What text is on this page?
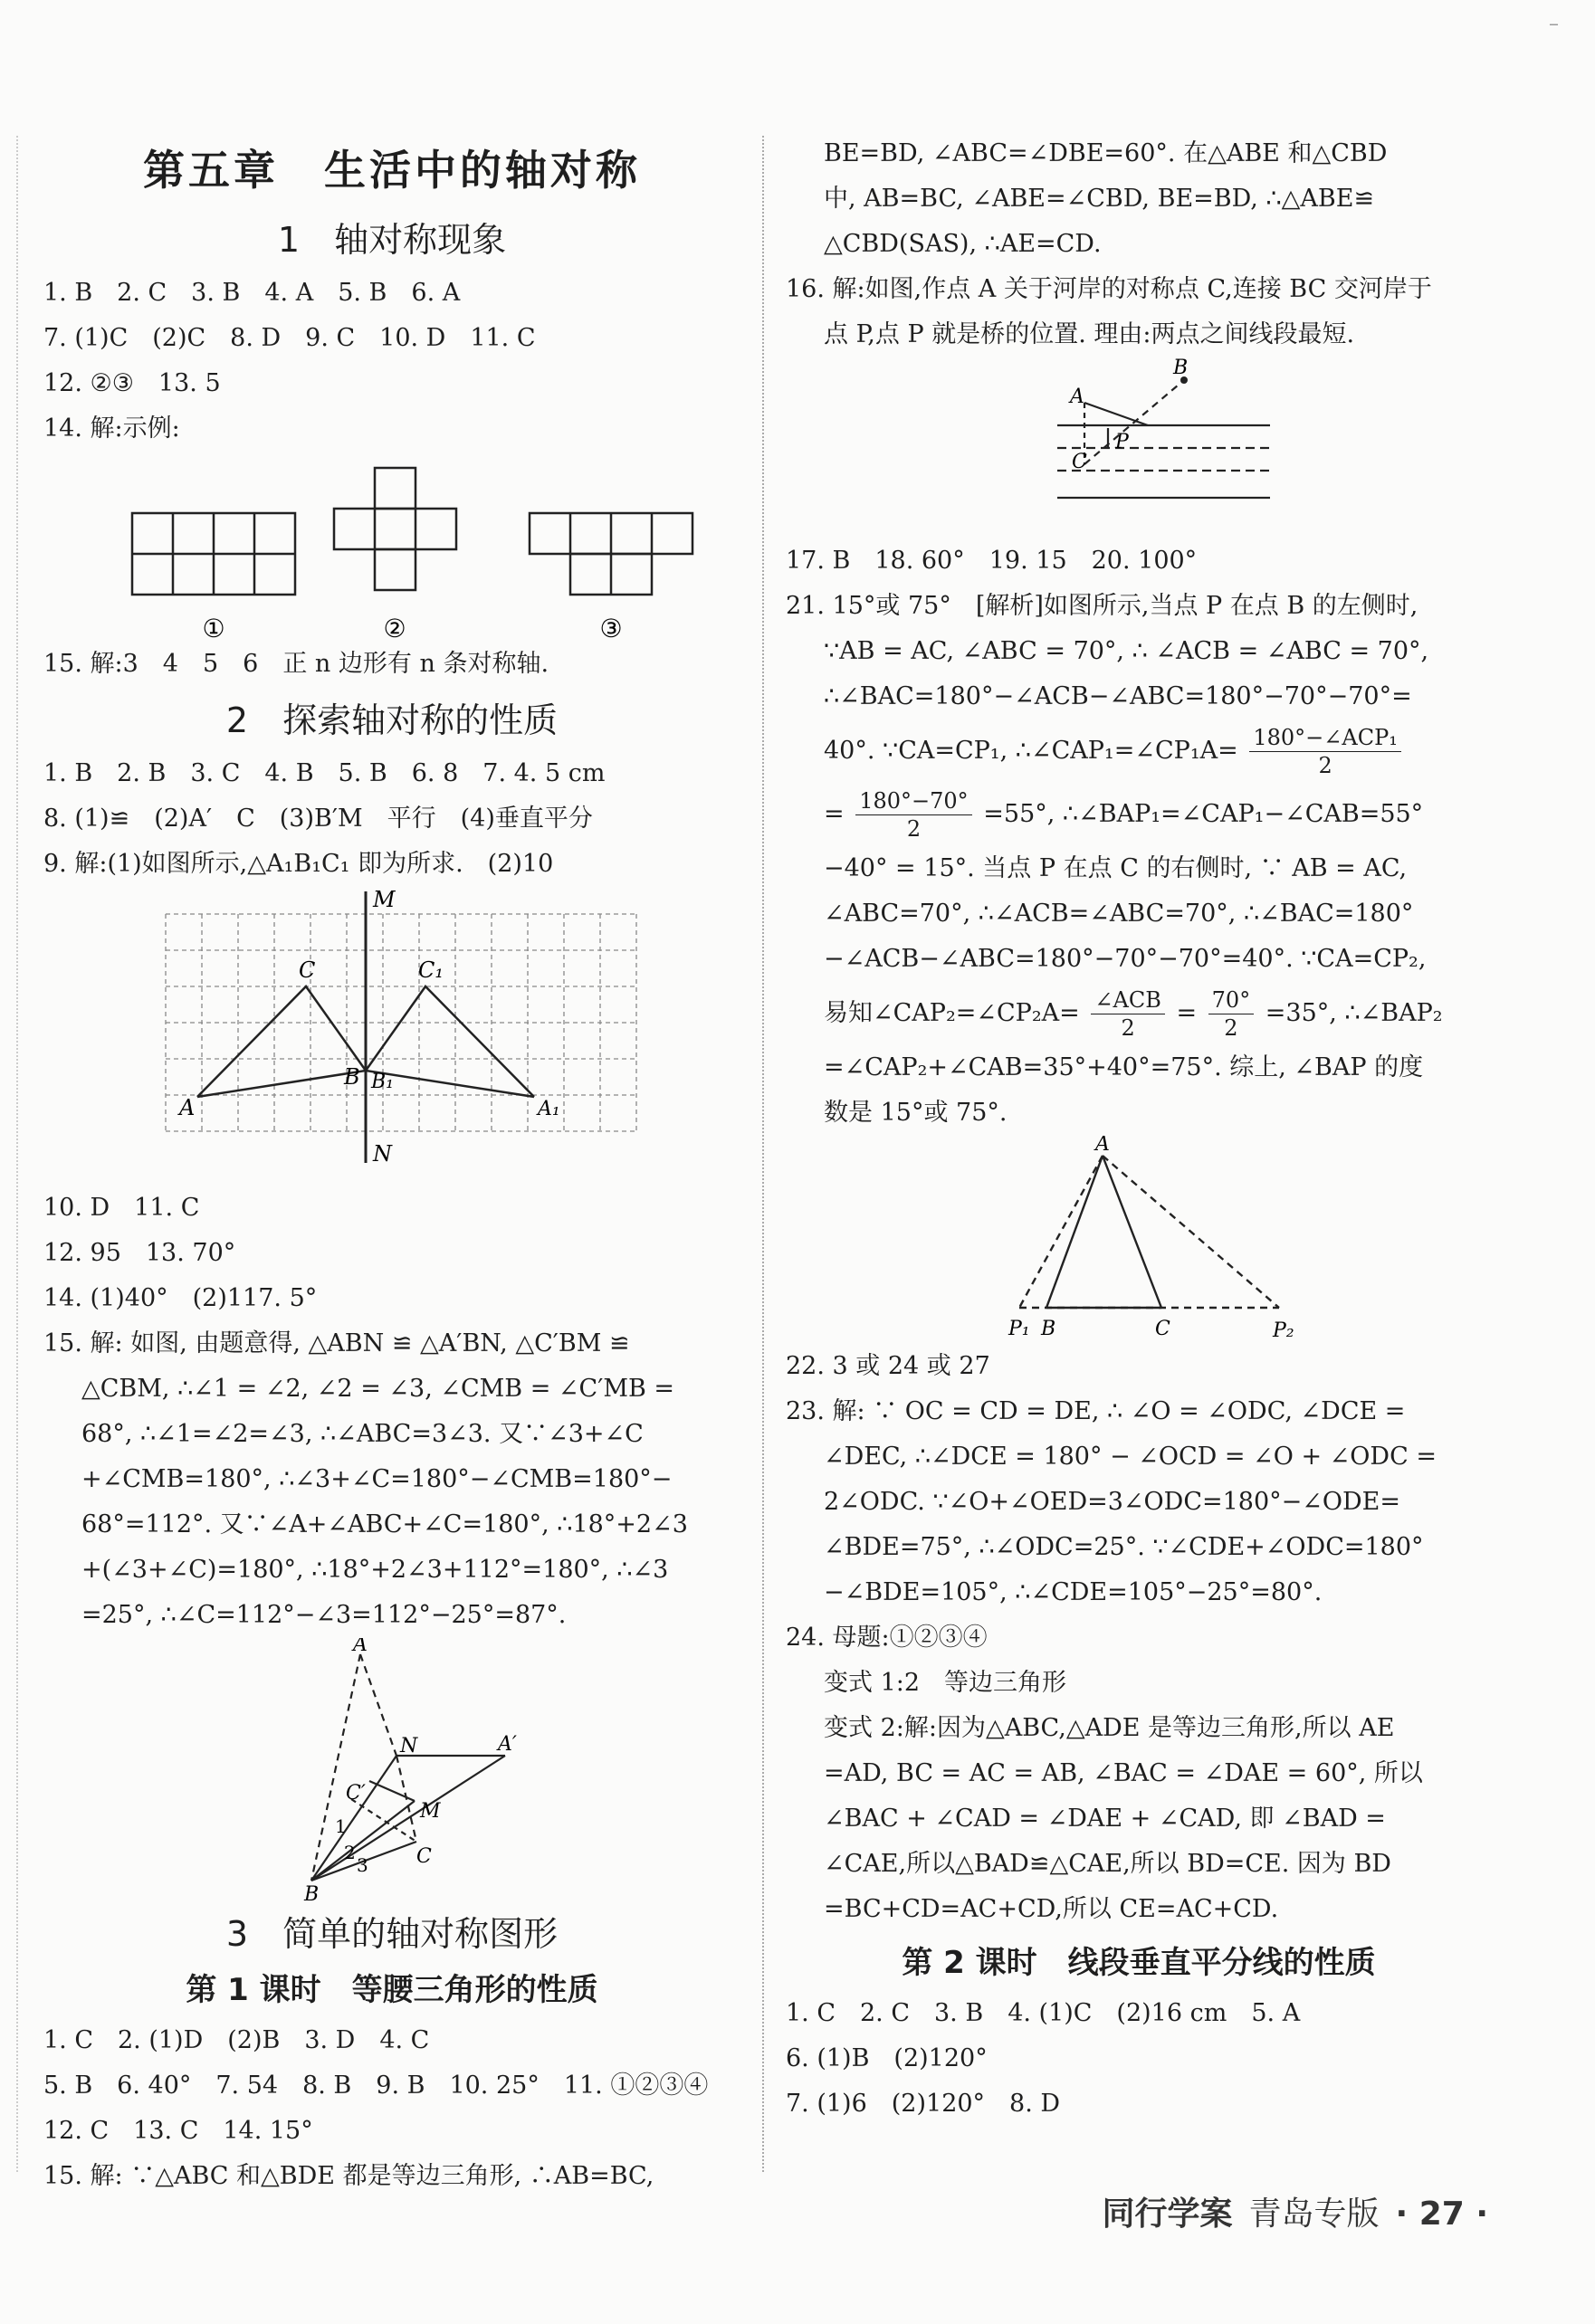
–
第五章　生活中的轴对称
1　轴对称现象
1. B　2. C　3. B　4. A　5. B　6. A
7. (1)C　(2)C　8. D　9. C　10. D　11. C
12. ②③　13. 5
14. 解:示例:
①	②	③
15. 解:3　4　5　6　正 n 边形有 n 条对称轴.
2　探索轴对称的性质
1. B　2. B　3. C　4. B　5. B　6. 8　7. 4. 5 cm
8. (1)≌　(2)A′　C　(3)B′M　平行　(4)垂直平分
9. 解:(1)如图所示,△A₁B₁C₁ 即为所求.　(2)10
M
N
C	C₁
B B₁
A	A₁
10. D　11. C
12. 95　13. 70°
14. (1)40°　(2)117. 5°
15. 解: 如图, 由题意得, △ABN ≌ △A′BN, △C′BM ≌
△CBM, ∴∠1 = ∠2, ∠2 = ∠3, ∠CMB = ∠C′MB =
68°, ∴∠1=∠2=∠3, ∴∠ABC=3∠3. 又∵∠3+∠C
+∠CMB=180°, ∴∠3+∠C=180°−∠CMB=180°−
68°=112°. 又∵∠A+∠ABC+∠C=180°, ∴18°+2∠3
+(∠3+∠C)=180°, ∴18°+2∠3+112°=180°, ∴∠3
=25°, ∴∠C=112°−∠3=112°−25°=87°.
A
N	A′
C′
M
1
2
3
B
C
3　简单的轴对称图形
第 1 课时　等腰三角形的性质
1. C　2. (1)D　(2)B　3. D　4. C
5. B　6. 40°　7. 54　8. B　9. B　10. 25°　11. ①②③④
12. C　13. C　14. 15°
15. 解: ∵△ABC 和△BDE 都是等边三角形, ∴AB=BC,
BE=BD, ∠ABC=∠DBE=60°. 在△ABE 和△CBD
中, AB=BC, ∠ABE=∠CBD, BE=BD, ∴△ABE≌
△CBD(SAS), ∴AE=CD.
16. 解:如图,作点 A 关于河岸的对称点 C,连接 BC 交河岸于
点 P,点 P 就是桥的位置. 理由:两点之间线段最短.
B
A
P
C
17. B　18. 60°　19. 15　20. 100°
21. 15°或 75°　[解析]如图所示,当点 P 在点 B 的左侧时,
∵AB = AC, ∠ABC = 70°, ∴ ∠ACB = ∠ABC = 70°,
∴∠BAC=180°−∠ACB−∠ABC=180°−70°−70°=
40°. ∵CA=CP₁, ∴∠CAP₁=∠CP₁A= $\frac{\text{180°−∠ACP₁}}{2}$
= $\frac{180^\circ-70^\circ}{2} =55^\circ$, ∴∠BAP₁=∠CAP₁−∠CAB=55°
−40° = 15°. 当点 P 在点 C 的右侧时, ∵ AB = AC,
∠ABC=70°, ∴∠ACB=∠ABC=70°, ∴∠BAC=180°
−∠ACB−∠ABC=180°−70°−70°=40°. ∵CA=CP₂,
易知∠CAP₂=∠CP₂A= $\frac{\text{∠ACB}}{2} = \frac{70^\circ}{2} =35^\circ$, ∴∠BAP₂
=∠CAP₂+∠CAB=35°+40°=75°. 综上, ∠BAP 的度
数是 15°或 75°.
A
P₁ B	C	P₂
22. 3 或 24 或 27
23. 解: ∵ OC = CD = DE, ∴ ∠O = ∠ODC, ∠DCE =
∠DEC, ∴∠DCE = 180° − ∠OCD = ∠O + ∠ODC =
2∠ODC. ∵∠O+∠OED=3∠ODC=180°−∠ODE=
∠BDE=75°, ∴∠ODC=25°. ∵∠CDE+∠ODC=180°
−∠BDE=105°, ∴∠CDE=105°−25°=80°.
24. 母题:①②③④
变式 1:2　等边三角形
变式 2:解:因为△ABC,△ADE 是等边三角形,所以 AE
=AD, BC = AC = AB, ∠BAC = ∠DAE = 60°, 所以
∠BAC + ∠CAD = ∠DAE + ∠CAD, 即 ∠BAD =
∠CAE,所以△BAD≌△CAE,所以 BD=CE. 因为 BD
=BC+CD=AC+CD,所以 CE=AC+CD.
第 2 课时　线段垂直平分线的性质
1. C　2. C　3. B　4. (1)C　(2)16 cm　5. A
6. (1)B　(2)120°
7. (1)6　(2)120°　8. D
同行学案 青岛专版 · 27 ·
